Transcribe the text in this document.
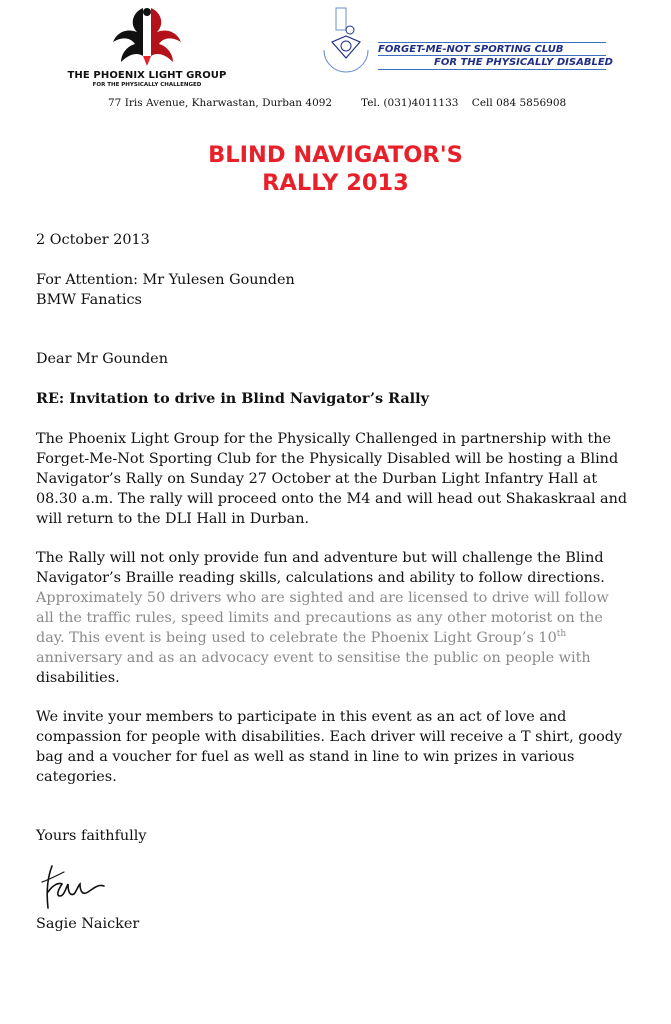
THE PHOENIX LIGHT GROUP
FOR THE PHYSICALLY CHALLENGED
FORGET-ME-NOT SPORTING CLUB
FOR THE PHYSICALLY DISABLED
77 Iris Avenue, Kharwastan, Durban 4092	Tel. (031)4011133    Cell 084 5856908
BLIND NAVIGATOR'S
RALLY 2013
2 October 2013
For Attention: Mr Yulesen Gounden
BMW Fanatics
Dear Mr Gounden
RE: Invitation to drive in Blind Navigator’s Rally
The Phoenix Light Group for the Physically Challenged in partnership with the
Forget-Me-Not Sporting Club for the Physically Disabled will be hosting a Blind
Navigator’s Rally on Sunday 27 October at the Durban Light Infantry Hall at
08.30 a.m. The rally will proceed onto the M4 and will head out Shakaskraal and
will return to the DLI Hall in Durban.
The Rally will not only provide fun and adventure but will challenge the Blind
Navigator’s Braille reading skills, calculations and ability to follow directions.
Approximately 50 drivers who are sighted and are licensed to drive will follow
all the traffic rules, speed limits and precautions as any other motorist on the
day. This event is being used to celebrate the Phoenix Light Group’s 10th
anniversary and as an advocacy event to sensitise the public on people with
disabilities.
We invite your members to participate in this event as an act of love and
compassion for people with disabilities. Each driver will receive a T shirt, goody
bag and a voucher for fuel as well as stand in line to win prizes in various
categories.
Yours faithfully
Sagie Naicker
